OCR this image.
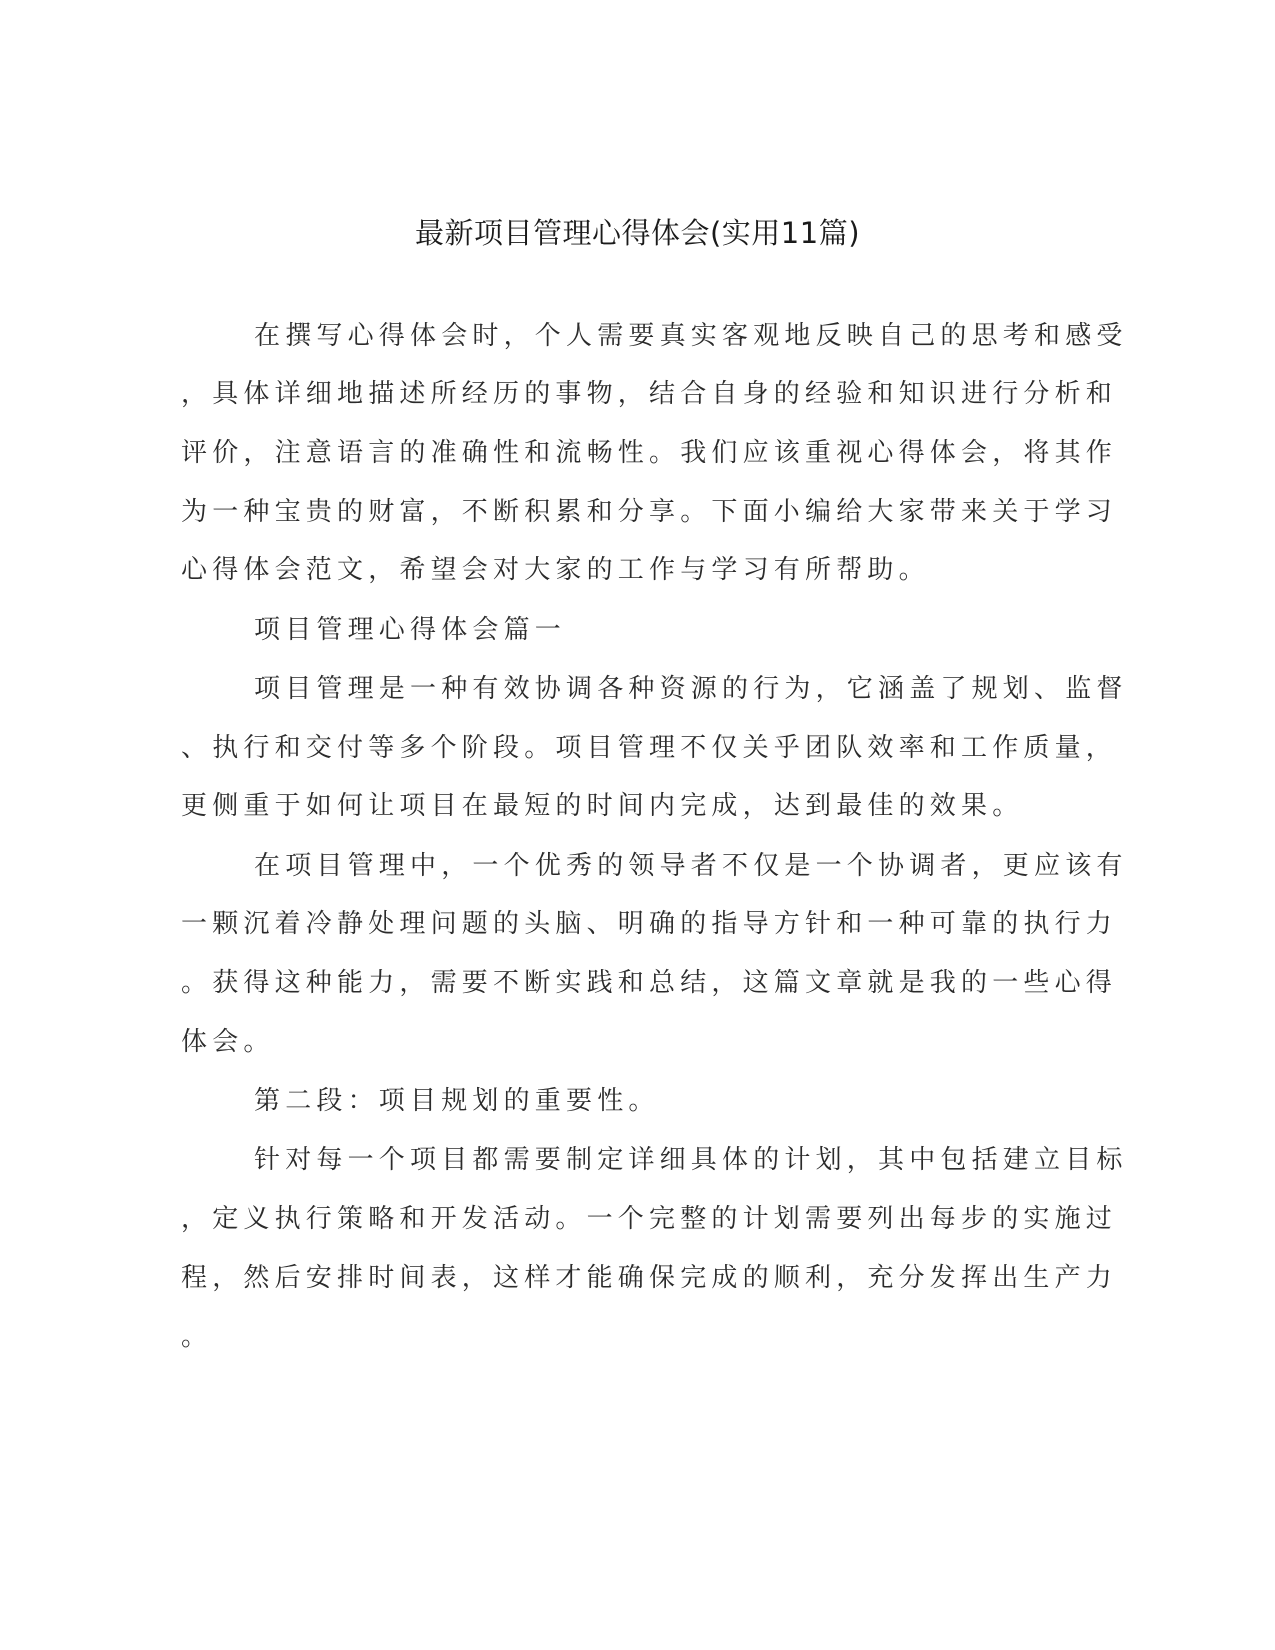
最新项目管理心得体会(实用11篇)
在撰写心得体会时，个人需要真实客观地反映自己的思考和感受
，具体详细地描述所经历的事物，结合自身的经验和知识进行分析和
评价，注意语言的准确性和流畅性。我们应该重视心得体会，将其作
为一种宝贵的财富，不断积累和分享。下面小编给大家带来关于学习
心得体会范文，希望会对大家的工作与学习有所帮助。
项目管理心得体会篇一
项目管理是一种有效协调各种资源的行为，它涵盖了规划、监督
、执行和交付等多个阶段。项目管理不仅关乎团队效率和工作质量，
更侧重于如何让项目在最短的时间内完成，达到最佳的效果。
在项目管理中，一个优秀的领导者不仅是一个协调者，更应该有
一颗沉着冷静处理问题的头脑、明确的指导方针和一种可靠的执行力
。获得这种能力，需要不断实践和总结，这篇文章就是我的一些心得
体会。
第二段：项目规划的重要性。
针对每一个项目都需要制定详细具体的计划，其中包括建立目标
，定义执行策略和开发活动。一个完整的计划需要列出每步的实施过
程，然后安排时间表，这样才能确保完成的顺利，充分发挥出生产力
。
